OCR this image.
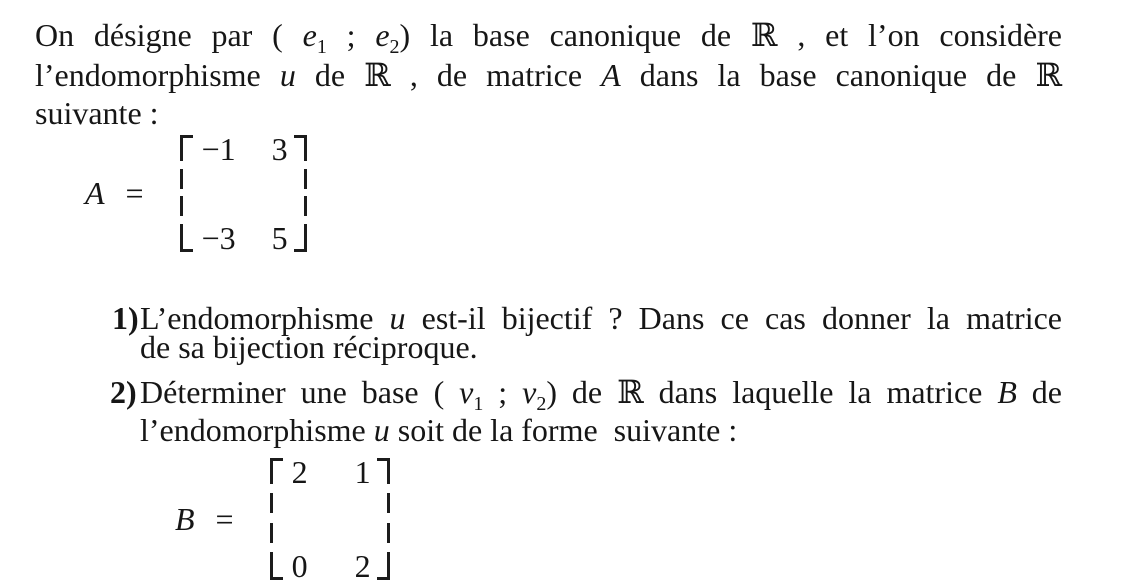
On désigne par ( $e_1$ ; $e_2$) la base canonique de ℝ , et l’on considère
l’endomorphisme u de ℝ , de matrice A dans la base canonique de ℝ
suivante :
A =
−1 3
−3 5
1) L’endomorphisme u est-il bijectif ? Dans ce cas donner la matrice
de sa bijection réciproque.
2) Déterminer une base ( $v_1$ ; $v_2$) de ℝ dans laquelle la matrice B de
l’endomorphisme u soit de la forme  suivante :
B =
2 1
0 2
